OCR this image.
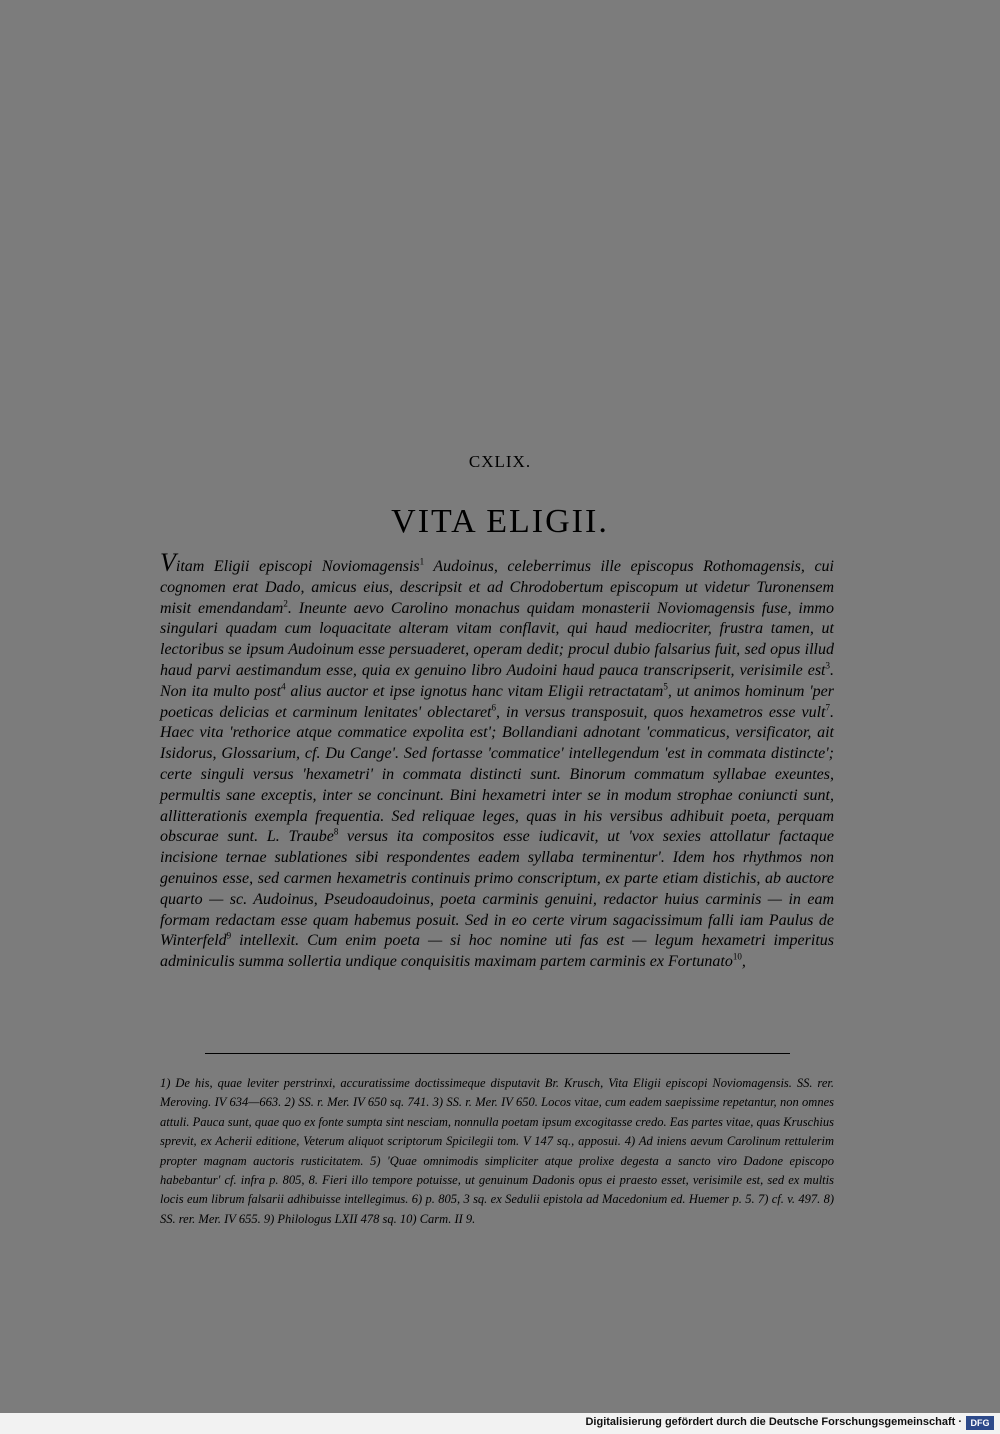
CXLIX.
VITA ELIGII.
Vitam Eligii episcopi Noviomagensis$^1$ Audoinus, celeberrimus ille episcopus Rothomagensis, cui cognomen erat Dado, amicus eius, descripsit et ad Chrodobertum episcopum ut videtur Turonensem misit emendandam$^2$. Ineunte aevo Carolino monachus quidam monasterii Noviomagensis fuse, immo singulari quadam cum loquacitate alteram vitam conflavit, qui haud mediocriter, frustra tamen, ut lectoribus se ipsum Audoinum esse persuaderet, operam dedit; procul dubio falsarius fuit, sed opus illud haud parvi aestimandum esse, quia ex genuino libro Audoini haud pauca transcripserit, verisimile est$^3$. Non ita multo post$^4$ alius auctor et ipse ignotus hanc vitam Eligii retractatam$^5$, ut animos hominum 'per poeticas delicias et carminum lenitates' oblectaret$^6$, in versus transposuit, quos hexametros esse vult$^7$. Haec vita 'rethorice atque commatice expolita est'; Bollandiani adnotant 'commaticus, versificator, ait Isidorus, Glossarium, cf. Du Cange'. Sed fortasse 'commatice' intellegendum 'est in commata distincte'; certe singuli versus 'hexametri' in commata distincti sunt. Binorum commatum syllabae exeuntes, permultis sane exceptis, inter se concinunt. Bini hexametri inter se in modum strophae coniuncti sunt, allitterationis exempla frequentia. Sed reliquae leges, quas in his versibus adhibuit poeta, perquam obscurae sunt. L. Traube$^8$ versus ita compositos esse iudicavit, ut 'vox sexies attollatur factaque incisione ternae sublationes sibi respondentes eadem syllaba terminentur'. Idem hos rhythmos non genuinos esse, sed carmen hexametris continuis primo conscriptum, ex parte etiam distichis, ab auctore quarto — sc. Audoinus, Pseudoaudoinus, poeta carminis genuini, redactor huius carminis — in eam formam redactam esse quam habemus posuit. Sed in eo certe virum sagacissimum falli iam Paulus de Winterfeld$^9$ intellexit. Cum enim poeta — si hoc nomine uti fas est — legum hexametri imperitus adminiculis summa sollertia undique conquisitis maximam partem carminis ex Fortunato$^{10}$,
1) De his, quae leviter perstrinxi, accuratissime doctissimeque disputavit Br. Krusch, Vita Eligii episcopi Noviomagensis. SS. rer. Meroving. IV 634—663. 2) SS. r. Mer. IV 650 sq. 741. 3) SS. r. Mer. IV 650. Locos vitae, cum eadem saepissime repetantur, non omnes attuli. Pauca sunt, quae quo ex fonte sumpta sint nesciam, nonnulla poetam ipsum excogitasse credo. Eas partes vitae, quas Kruschius sprevit, ex Acherii editione, Veterum aliquot scriptorum Spicilegii tom. V 147 sq., apposui. 4) Ad iniens aevum Carolinum rettulerim propter magnam auctoris rusticitatem. 5) 'Quae omnimodis simpliciter atque prolixe degesta a sancto viro Dadone episcopo habebantur' cf. infra p. 805, 8. Fieri illo tempore potuisse, ut genuinum Dadonis opus ei praesto esset, verisimile est, sed ex multis locis eum librum falsarii adhibuisse intellegimus. 6) p. 805, 3 sq. ex Sedulii epistola ad Macedonium ed. Huemer p. 5. 7) cf. v. 497. 8) SS. rer. Mer. IV 655. 9) Philologus LXII 478 sq. 10) Carm. II 9.
Digitalisierung gefördert durch die Deutsche Forschungsgemeinschaft · DFG
